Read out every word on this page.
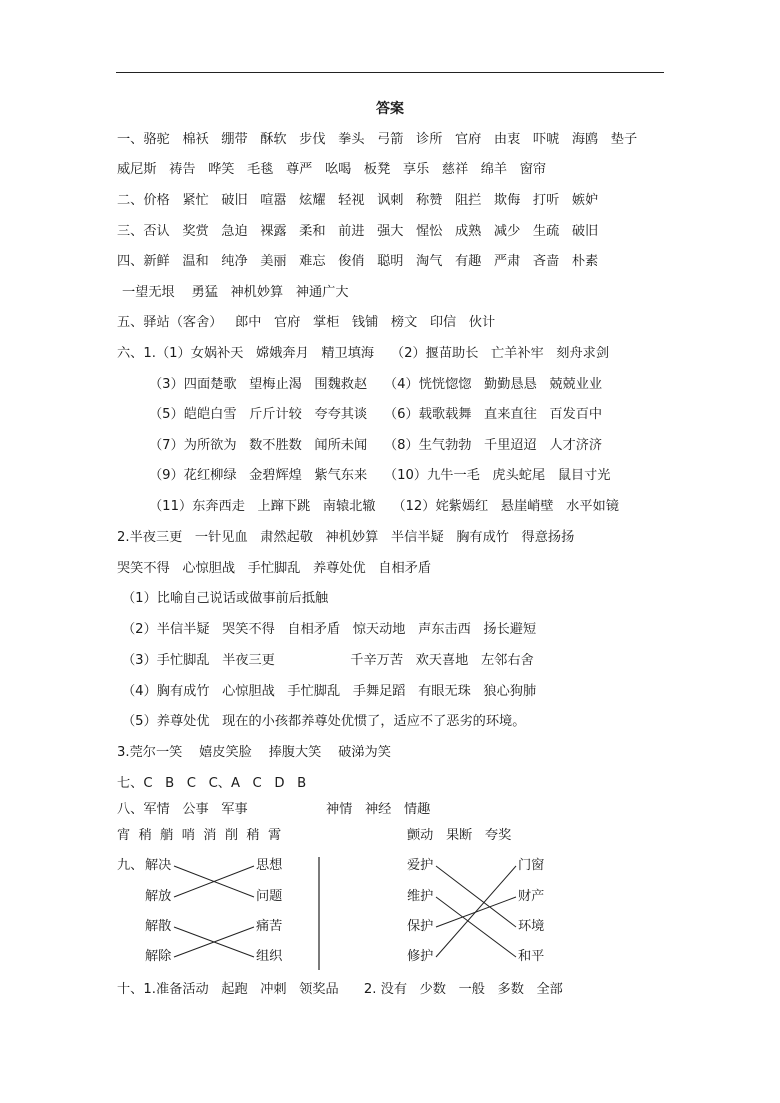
答案
一、骆驼   棉袄   绷带   酥软   步伐   拳头   弓箭   诊所   官府   由衷   吓唬   海鸥   垫子
威尼斯   祷告   哗笑   毛毯   尊严   吆喝   板凳   享乐   慈祥   绵羊   窗帘
二、价格   紧忙   破旧   喧嚣   炫耀   轻视   讽刺   称赞   阻拦   欺侮   打听   嫉妒
三、否认   奖赏   急迫   裸露   柔和   前进   强大   惺忪   成熟   减少   生疏   破旧
四、新鲜   温和   纯净   美丽   难忘   俊俏   聪明   淘气   有趣   严肃   吝啬   朴素
一望无垠    勇猛   神机妙算   神通广大
五、驿站（客舍）   郎中   官府   掌柜   钱铺   榜文   印信   伙计
六、1.（1）女娲补天   嫦娥奔月   精卫填海    （2）揠苗助长   亡羊补牢   刻舟求剑
（3）四面楚歌   望梅止渴   围魏救赵    （4）恍恍惚惚   勤勤恳恳   兢兢业业
（5）皑皑白雪   斤斤计较   夸夸其谈    （6）载歌载舞   直来直往   百发百中
（7）为所欲为   数不胜数   闻所未闻    （8）生气勃勃   千里迢迢   人才济济
（9）花红柳绿   金碧辉煌   紫气东来    （10）九牛一毛   虎头蛇尾   鼠目寸光
（11）东奔西走   上蹿下跳   南辕北辙    （12）姹紫嫣红   悬崖峭壁   水平如镜
2.半夜三更   一针见血   肃然起敬   神机妙算   半信半疑   胸有成竹   得意扬扬
哭笑不得   心惊胆战   手忙脚乱   养尊处优   自相矛盾
（1）比喻自己说话或做事前后抵触
（2）半信半疑   哭笑不得   自相矛盾   惊天动地   声东击西   扬长避短
（3）手忙脚乱   半夜三更                  千辛万苦   欢天喜地   左邻右舍
（4）胸有成竹   心惊胆战   手忙脚乱   手舞足蹈   有眼无珠   狼心狗肺
（5）养尊处优   现在的小孩都养尊处优惯了，适应不了恶劣的环境。
3.莞尔一笑    嬉皮笑脸    捧腹大笑    破涕为笑
七、C   B   C   C、A   C   D   B
八、军情   公事   军事	神情   神经   情趣
宵  稍  艄  哨  消  削  稍  霄	颤动   果断   夸奖
九、 解决
解放
解散
解除
思想
问题
痛苦
组织
爱护
维护
保护
修护
门窗
财产
环境
和平
十、1.准备活动   起跑   冲刺   领奖品      2. 没有   少数   一般   多数   全部
